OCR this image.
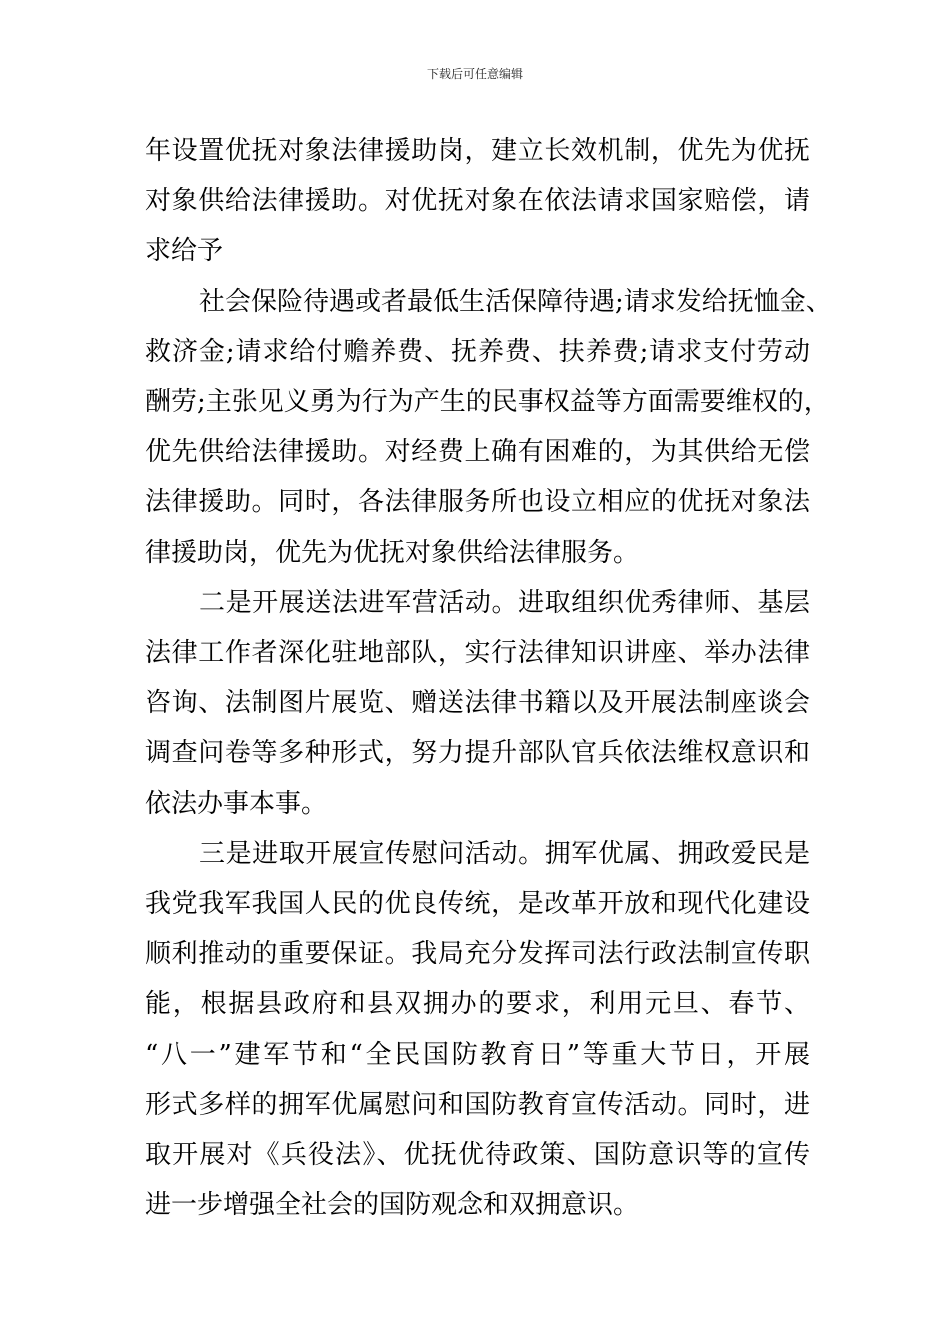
下载后可任意编辑

年设置优抚对象法律援助岗，建立长效机制，优先为优抚
对象供给法律援助。对优抚对象在依法请求国家赔偿，请
求给予

社会保险待遇或者最低生活保障待遇;请求发给抚恤金、
救济金;请求给付赡养费、抚养费、扶养费;请求支付劳动
酬劳;主张见义勇为行为产生的民事权益等方面需要维权的，
优先供给法律援助。对经费上确有困难的，为其供给无偿
法律援助。同时，各法律服务所也设立相应的优抚对象法
律援助岗，优先为优抚对象供给法律服务。

二是开展送法进军营活动。进取组织优秀律师、基层
法律工作者深化驻地部队，实行法律知识讲座、举办法律
咨询、法制图片展览、赠送法律书籍以及开展法制座谈会
调查问卷等多种形式，努力提升部队官兵依法维权意识和
依法办事本事。

三是进取开展宣传慰问活动。拥军优属、拥政爱民是
我党我军我国人民的优良传统，是改革开放和现代化建设
顺利推动的重要保证。我局充分发挥司法行政法制宣传职
能，根据县政府和县双拥办的要求，利用元旦、春节、
“八一”建军节和“全民国防教育日”等重大节日，开展
形式多样的拥军优属慰问和国防教育宣传活动。同时，进
取开展对《兵役法》、优抚优待政策、国防意识等的宣传
进一步增强全社会的国防观念和双拥意识。
